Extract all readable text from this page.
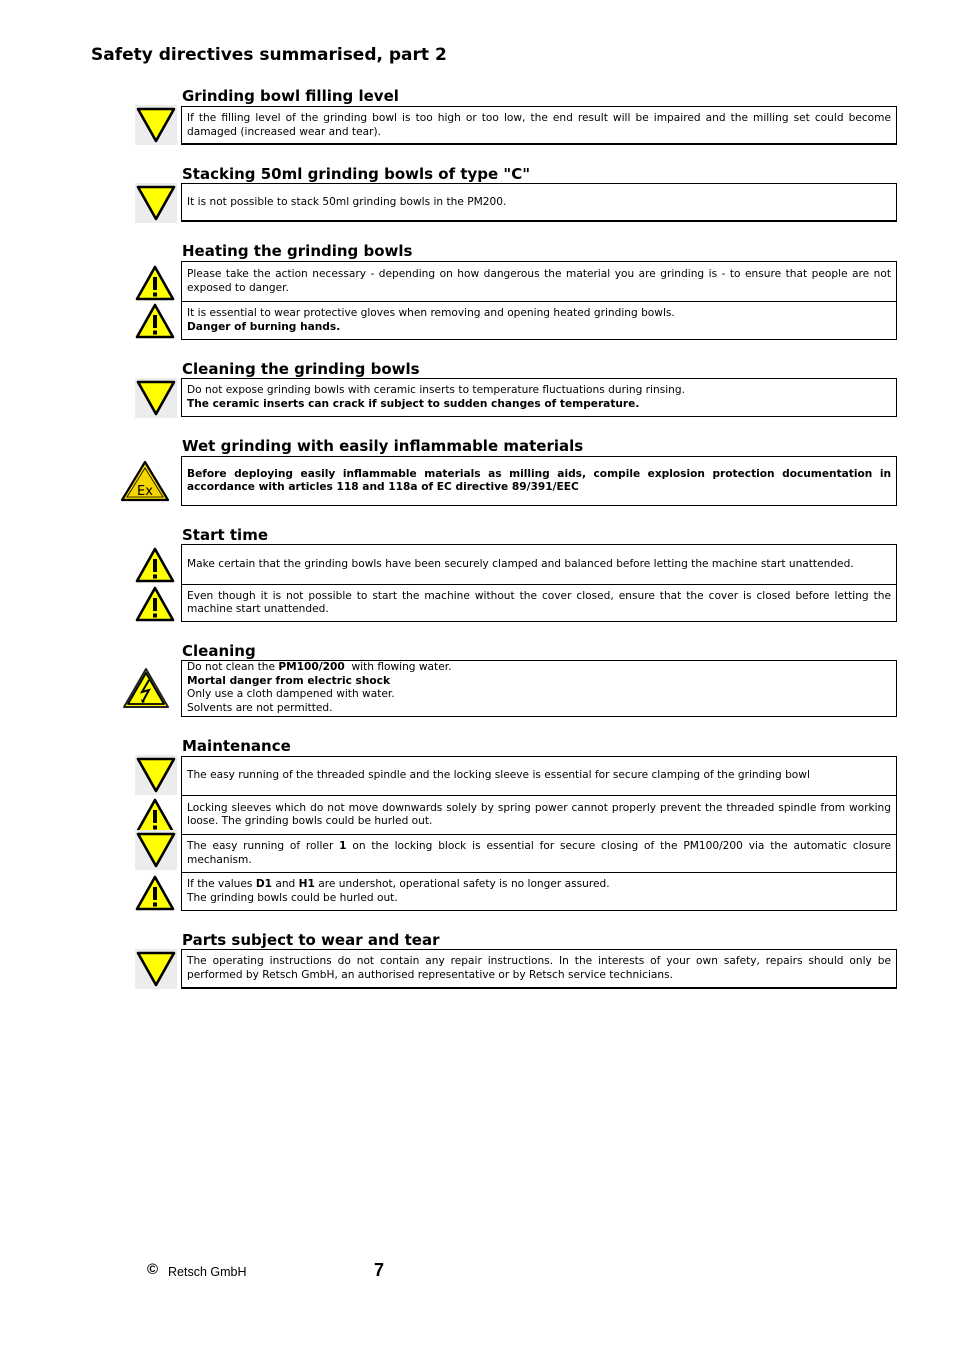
Safety directives summarised, part 2
Grinding bowl filling level
If the filling level of the grinding bowl is too high or too low, the end result will be impaired and the milling set could become damaged (increased wear and tear).
Stacking 50ml grinding bowls of type "C"
It is not possible to stack 50ml grinding bowls in the PM200.
Heating the grinding bowls
Please take the action necessary - depending on how dangerous the material you are grinding is - to ensure that people are not exposed to danger.
It is essential to wear protective gloves when removing and opening heated grinding bowls.
Danger of burning hands.
Cleaning the grinding bowls
Do not expose grinding bowls with ceramic inserts to temperature fluctuations during rinsing.
The ceramic inserts can crack if subject to sudden changes of temperature.
Wet grinding with easily inflammable materials
Before deploying easily inflammable materials as milling aids, compile explosion protection documentation in accordance with articles 118 and 118a of EC directive 89/391/EEC
Start time
Make certain that the grinding bowls have been securely clamped and balanced before letting the machine start unattended.
Even though it is not possible to start the machine without the cover closed, ensure that the cover is closed before letting the machine start unattended.
Cleaning
Do not clean the PM100/200  with flowing water.
Mortal danger from electric shock
Only use a cloth dampened with water.
Solvents are not permitted.
Maintenance
The easy running of the threaded spindle and the locking sleeve is essential for secure clamping of the grinding bowl
Locking sleeves which do not move downwards solely by spring power cannot properly prevent the threaded spindle from working loose. The grinding bowls could be hurled out.
The easy running of roller 1 on the locking block is essential for secure closing of the PM100/200 via the automatic closure mechanism.
If the values D1 and H1 are undershot, operational safety is no longer assured.
The grinding bowls could be hurled out.
Parts subject to wear and tear
The operating instructions do not contain any repair instructions. In the interests of your own safety, repairs should only be performed by Retsch GmbH, an authorised representative or by Retsch service technicians.
© Retsch GmbH	7
